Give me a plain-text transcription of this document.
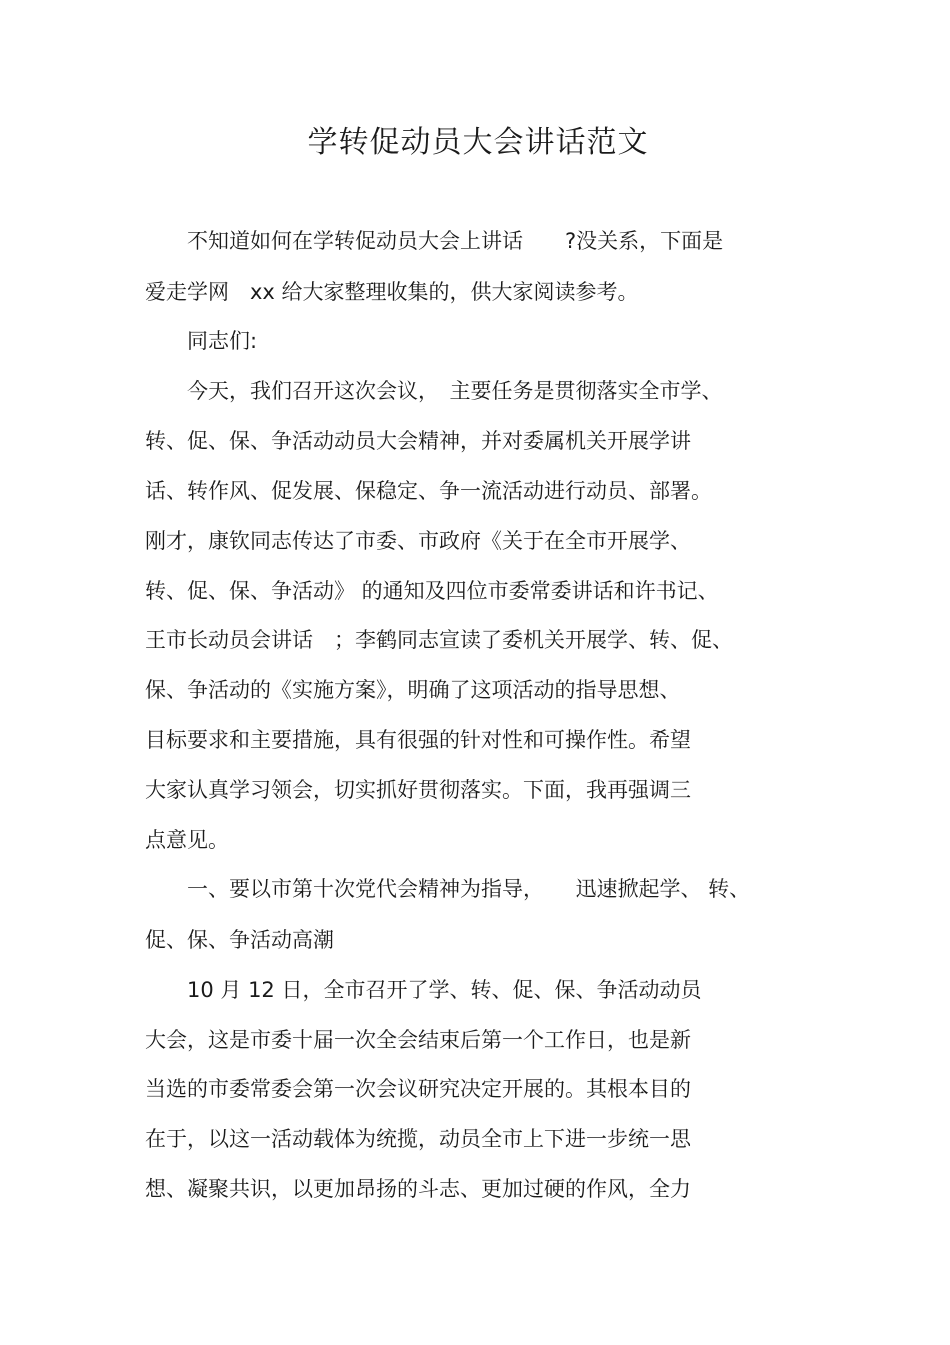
学转促动员大会讲话范文

　　不知道如何在学转促动员大会上讲话　　?没关系，下面是

爱走学网　xx 给大家整理收集的，供大家阅读参考。

　　同志们:

　　今天，我们召开这次会议，　主要任务是贯彻落实全市学、

转、促、保、争活动动员大会精神，并对委属机关开展学讲

话、转作风、促发展、保稳定、争一流活动进行动员、部署。

刚才，康钦同志传达了市委、市政府《关于在全市开展学、

转、促、保、争活动》 的通知及四位市委常委讲话和许书记、

王市长动员会讲话　；李鹤同志宣读了委机关开展学、转、促、

保、争活动的《实施方案》，明确了这项活动的指导思想、

目标要求和主要措施，具有很强的针对性和可操作性。希望

大家认真学习领会，切实抓好贯彻落实。下面，我再强调三

点意见。

　　一、要以市第十次党代会精神为指导，　　迅速掀起学、 转、

促、保、争活动高潮

　　10 月 12 日，全市召开了学、转、促、保、争活动动员

大会，这是市委十届一次全会结束后第一个工作日，也是新

当选的市委常委会第一次会议研究决定开展的。其根本目的

在于，以这一活动载体为统揽，动员全市上下进一步统一思

想、凝聚共识，以更加昂扬的斗志、更加过硬的作风，全力
